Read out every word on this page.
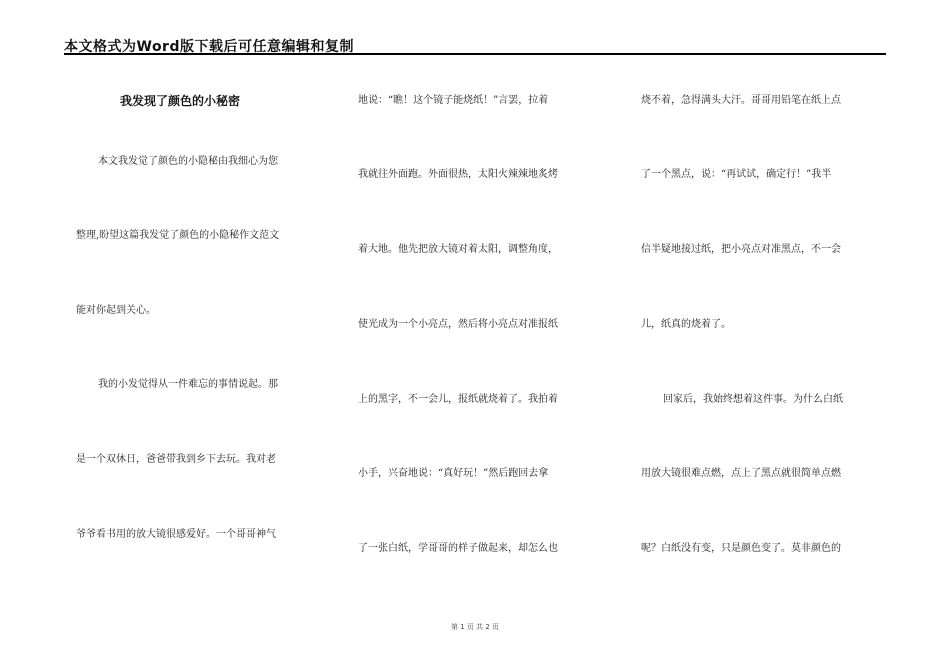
本文格式为Word版下载后可任意编辑和复制
我发现了颜色的小秘密
本文我发觉了颜色的小隐秘由我细心为您
整理,盼望这篇我发觉了颜色的小隐秘作文范文
能对你起到关心。
我的小发觉得从一件难忘的事情说起。那
是一个双休日，爸爸带我到乡下去玩。我对老
爷爷看书用的放大镜很感爱好。一个哥哥神气
地说：“瞧！这个镜子能烧纸！”言罢，拉着
我就往外面跑。外面很热，太阳火辣辣地炙烤
着大地。他先把放大镜对着太阳，调整角度，
使光成为一个小亮点，然后将小亮点对准报纸
上的黑字，不一会儿，报纸就烧着了。我拍着
小手，兴奋地说：“真好玩！”然后跑回去拿
了一张白纸，学哥哥的样子做起来，却怎么也
烧不着，急得满头大汗。哥哥用铅笔在纸上点
了一个黑点，说：“再试试，确定行！”我半
信半疑地接过纸，把小亮点对准黑点，不一会
儿，纸真的烧着了。
回家后，我始终想着这件事。为什么白纸
用放大镜很难点燃，点上了黑点就很简单点燃
呢？白纸没有变，只是颜色变了。莫非颜色的
第 1 页 共 2 页
